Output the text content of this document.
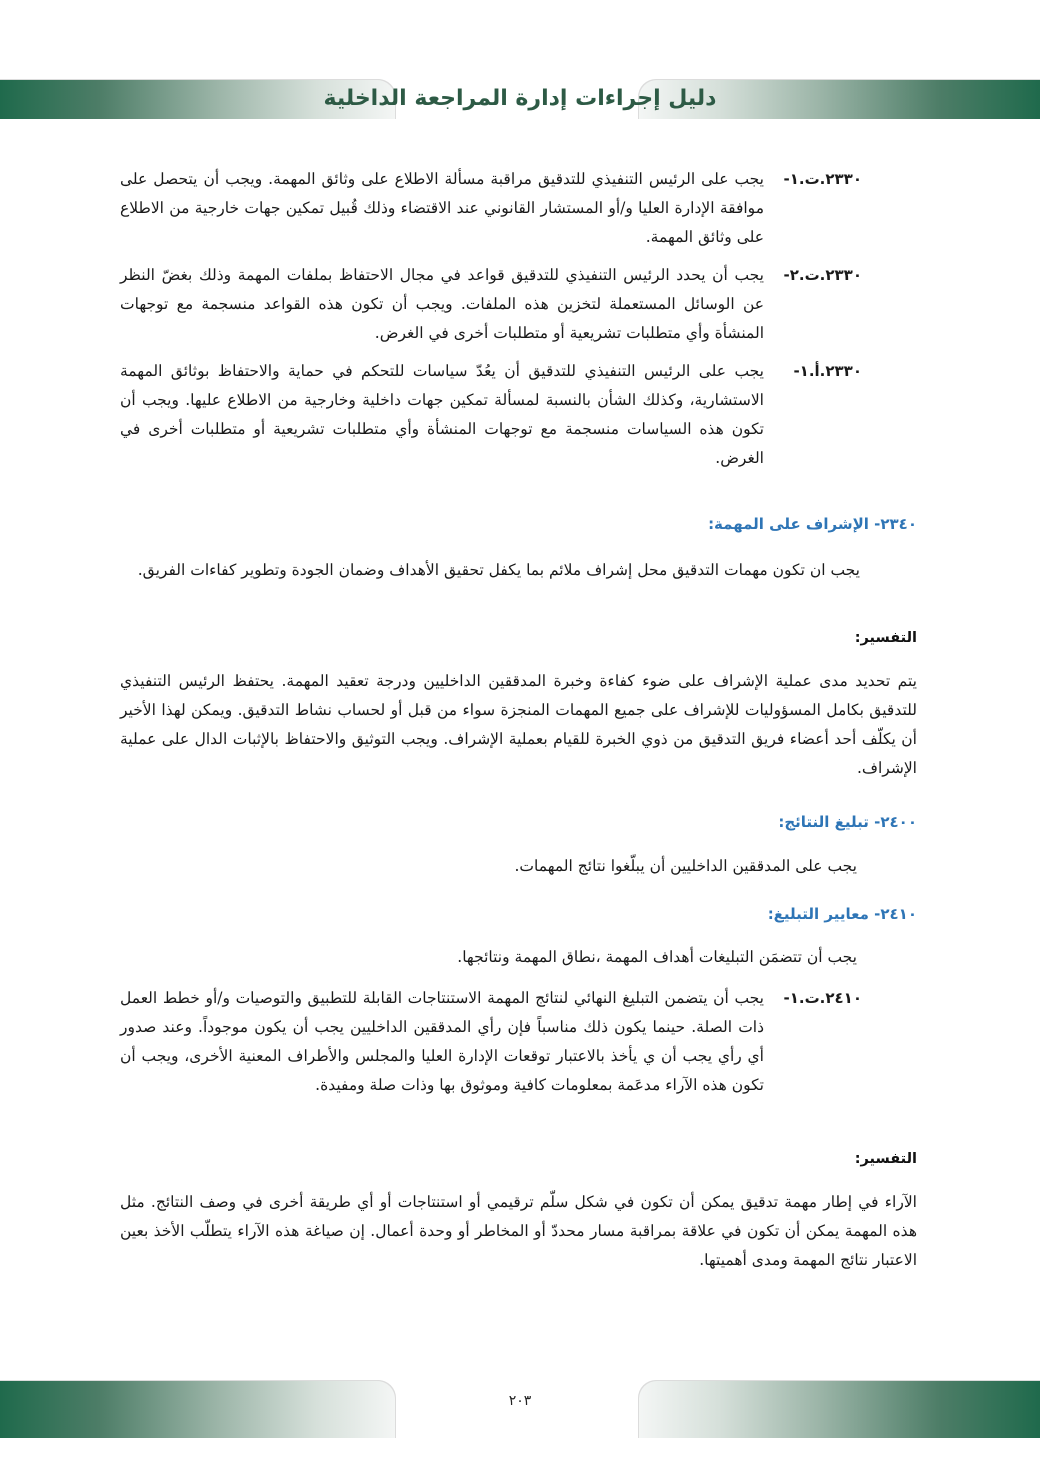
دليل إجراءات إدارة المراجعة الداخلية
٢٣٣٠.ت.١-
يجب على الرئيس التنفيذي للتدقيق مراقبة مسألة الاطلاع على وثائق المهمة. ويجب أن يتحصل على موافقة الإدارة العليا و/أو المستشار القانوني عند الاقتضاء وذلك قُبيل تمكين جهات خارجية من الاطلاع على وثائق المهمة.
٢٣٣٠.ت.٢-
يجب أن يحدد الرئيس التنفيذي للتدقيق قواعد في مجال الاحتفاظ بملفات المهمة وذلك بغضّ النظر عن الوسائل المستعملة لتخزين هذه الملفات. ويجب أن تكون هذه القواعد منسجمة مع توجهات المنشأة وأي متطلبات تشريعية أو متطلبات أخرى في الغرض.
٢٣٣٠.أ.١-
يجب على الرئيس التنفيذي للتدقيق أن يعُدّ سياسات للتحكم في حماية والاحتفاظ بوثائق المهمة الاستشارية، وكذلك الشأن بالنسبة لمسألة تمكين جهات داخلية وخارجية من الاطلاع عليها. ويجب أن تكون هذه السياسات منسجمة مع توجهات المنشأة وأي متطلبات تشريعية أو متطلبات أخرى في الغرض.
٢٣٤٠- الإشراف على المهمة:
يجب ان تكون مهمات التدقيق محل إشراف ملائم بما يكفل تحقيق الأهداف وضمان الجودة وتطوير كفاءات الفريق.
التفسير:
يتم تحديد مدى عملية الإشراف على ضوء كفاءة وخبرة المدققين الداخليين ودرجة تعقيد المهمة. يحتفظ الرئيس التنفيذي للتدقيق بكامل المسؤوليات للإشراف على جميع المهمات المنجزة سواء من قبل أو لحساب نشاط التدقيق. ويمكن لهذا الأخير أن يكلّف أحد أعضاء فريق التدقيق من ذوي الخبرة للقيام بعملية الإشراف. ويجب التوثيق والاحتفاظ بالإثبات الدال على عملية الإشراف.
٢٤٠٠- تبليغ النتائج:
يجب على المدققين الداخليين أن يبلّغوا نتائج المهمات.
٢٤١٠- معايير التبليغ:
يجب أن تتضمَن التبليغات أهداف المهمة ،نطاق المهمة ونتائجها.
٢٤١٠.ت.١-
يجب أن يتضمن التبليغ النهائي لنتائج المهمة الاستنتاجات القابلة للتطبيق والتوصيات و/أو خطط العمل ذات الصلة. حينما يكون ذلك مناسباً فإن رأي المدققين الداخليين يجب أن يكون موجوداً. وعند صدور أي رأي يجب أن ي يأخذ بالاعتبار توقعات الإدارة العليا والمجلس والأطراف المعنية الأخرى، ويجب أن تكون هذه الآراء مدعَمة بمعلومات كافية وموثوق بها وذات صلة ومفيدة.
التفسير:
الآراء في إطار مهمة تدقيق يمكن أن تكون في شكل سلّم ترقيمي أو استنتاجات أو أي طريقة أخرى في وصف النتائج. مثل هذه المهمة يمكن أن تكون في علاقة بمراقبة مسار محددّ أو المخاطر أو وحدة أعمال. إن صياغة هذه الآراء يتطلّب الأخذ بعين الاعتبار نتائج المهمة ومدى أهميتها.
٢٠٣
